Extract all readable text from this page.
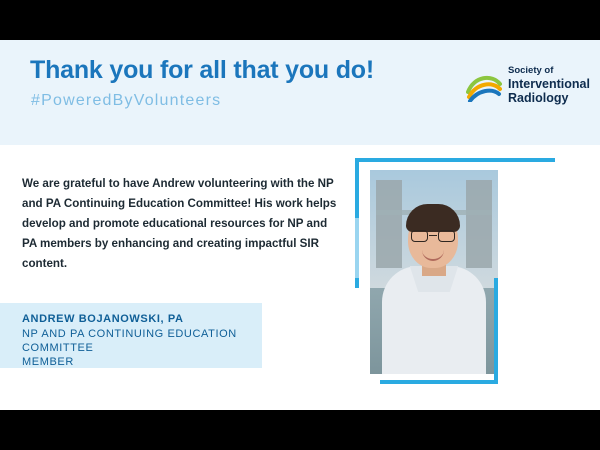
Thank you for all that you do!
#PoweredByVolunteers
Society of
Interventional
Radiology
We are grateful to have Andrew volunteering with the NP and PA Continuing Education Committee! His work helps develop and promote educational resources for NP and PA members by enhancing and creating impactful SIR content.
ANDREW BOJANOWSKI, PA
NP AND PA CONTINUING EDUCATION
COMMITTEE
MEMBER
